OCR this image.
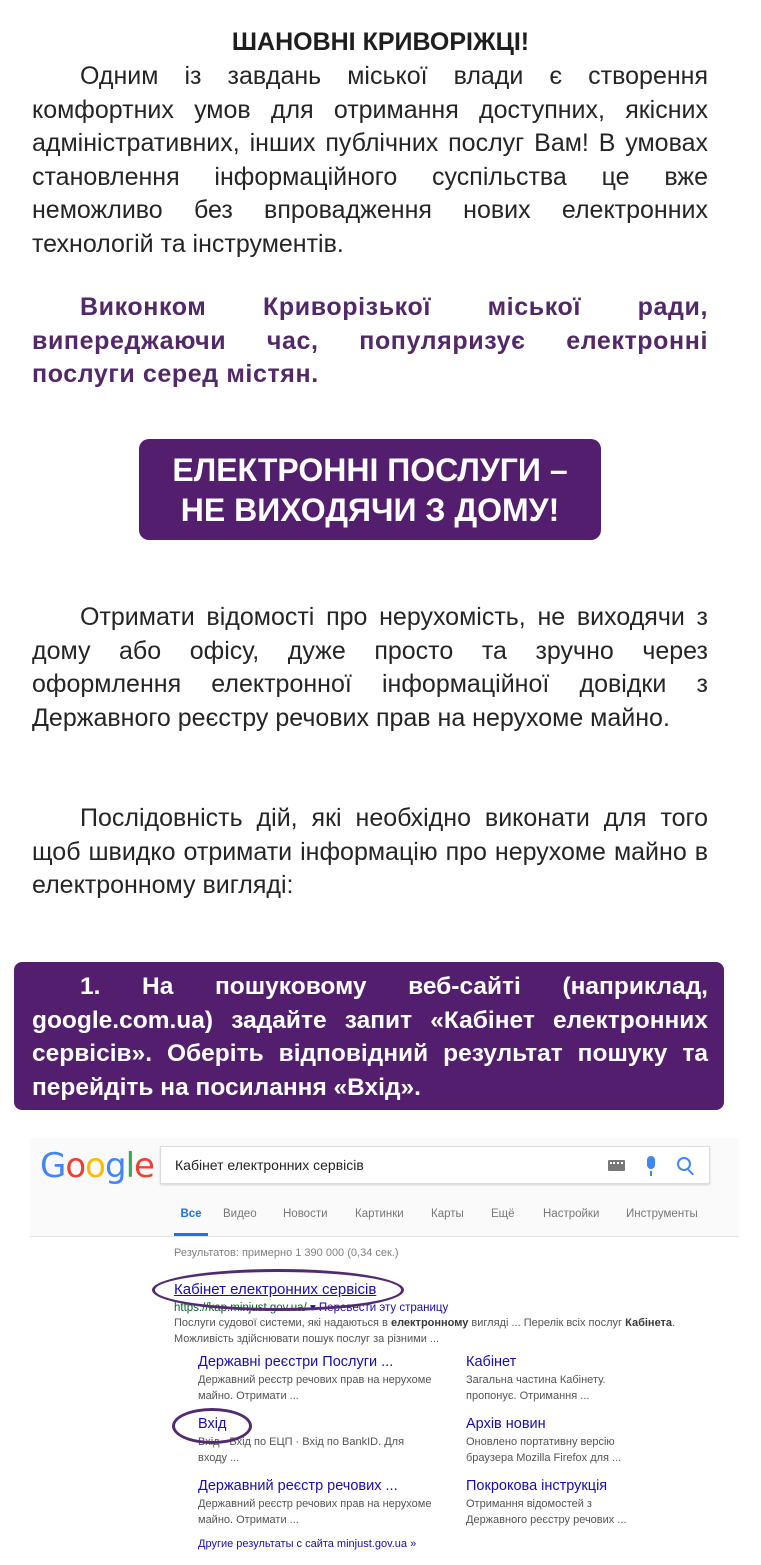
ШАНОВНІ КРИВОРІЖЦІ!
Одним із завдань міської влади є створення комфортних умов для отримання доступних, якісних адміністративних, інших публічних послуг Вам! В умовах становлення інформаційного суспільства це вже неможливо без впровадження нових електронних технологій та інструментів.
Виконком Криворізької міської ради, випереджаючи час, популяризує електронні послуги серед містян.
ЕЛЕКТРОННІ ПОСЛУГИ –
НЕ ВИХОДЯЧИ З ДОМУ!
Отримати відомості про нерухомість, не виходячи з дому або офісу, дуже просто та зручно через оформлення електронної інформаційної довідки з Державного реєстру речових прав на нерухоме майно.
Послідовність дій, які необхідно виконати для того щоб швидко отримати інформацію про нерухоме майно в електронному вигляді:
1. На пошуковому веб-сайті (наприклад, google.com.ua) задайте запит «Кабінет електронних сервісів». Оберіть відповідний результат пошуку та перейдіть на посилання «Вхід».
Google Кабінет електронних сервісів
Все	Видео Новости Картинки Карты Ещё Настройки Инструменты
Результатов: примерно 1 390 000 (0,34 сек.)
Кабінет електронних сервісів
https://kap.minjust.gov.ua/ ▾ Перевести эту страницу
Послуги судової системи, які надаються в електронному вигляді ... Перелік всіх послуг Кабінета.
Можливість здійснювати пошук послуг за різними ...
Державні реєстри Послуги ...
Державний реєстр речових прав на нерухоме майно. Отримати ...
Кабінет
Загальна частина Кабінету. пропонує. Отримання ...
Вхід
Вхід · Вхід по ЕЦП · Вхід по BankID. Для входу ...
Архів новин
Оновлено портативну версію браузера Mozilla Firefox для ...
Державний реєстр речових ...
Державний реєстр речових прав на нерухоме майно. Отримати ...
Покрокова інструкція
Отримання відомостей з Державного реєстру речових ...
Другие результаты с сайта minjust.gov.ua »
